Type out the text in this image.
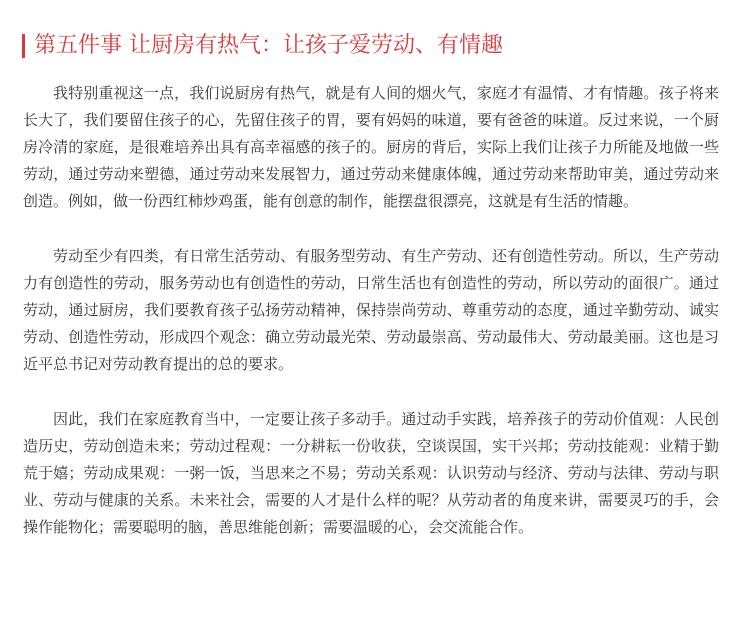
第五件事 让厨房有热气：让孩子爱劳动、有情趣

我特别重视这一点，我们说厨房有热气，就是有人间的烟火气，家庭才有温情、才有情趣。孩子将来长大了，我们要留住孩子的心，先留住孩子的胃，要有妈妈的味道，要有爸爸的味道。反过来说，一个厨房冷清的家庭，是很难培养出具有高幸福感的孩子的。厨房的背后，实际上我们让孩子力所能及地做一些劳动，通过劳动来塑德，通过劳动来发展智力，通过劳动来健康体魄，通过劳动来帮助审美，通过劳动来创造。例如，做一份西红柿炒鸡蛋，能有创意的制作，能摆盘很漂亮，这就是有生活的情趣。

劳动至少有四类，有日常生活劳动、有服务型劳动、有生产劳动、还有创造性劳动。所以，生产劳动力有创造性的劳动，服务劳动也有创造性的劳动，日常生活也有创造性的劳动，所以劳动的面很广。通过劳动，通过厨房，我们要教育孩子弘扬劳动精神，保持崇尚劳动、尊重劳动的态度，通过辛勤劳动、诚实劳动、创造性劳动，形成四个观念：确立劳动最光荣、劳动最崇高、劳动最伟大、劳动最美丽。这也是习近平总书记对劳动教育提出的总的要求。

因此，我们在家庭教育当中，一定要让孩子多动手。通过动手实践，培养孩子的劳动价值观：人民创造历史，劳动创造未来；劳动过程观：一分耕耘一份收获，空谈误国，实干兴邦；劳动技能观：业精于勤荒于嬉；劳动成果观：一粥一饭，当思来之不易；劳动关系观：认识劳动与经济、劳动与法律、劳动与职业、劳动与健康的关系。未来社会，需要的人才是什么样的呢？从劳动者的角度来讲，需要灵巧的手，会操作能物化；需要聪明的脑，善思维能创新；需要温暖的心，会交流能合作。
